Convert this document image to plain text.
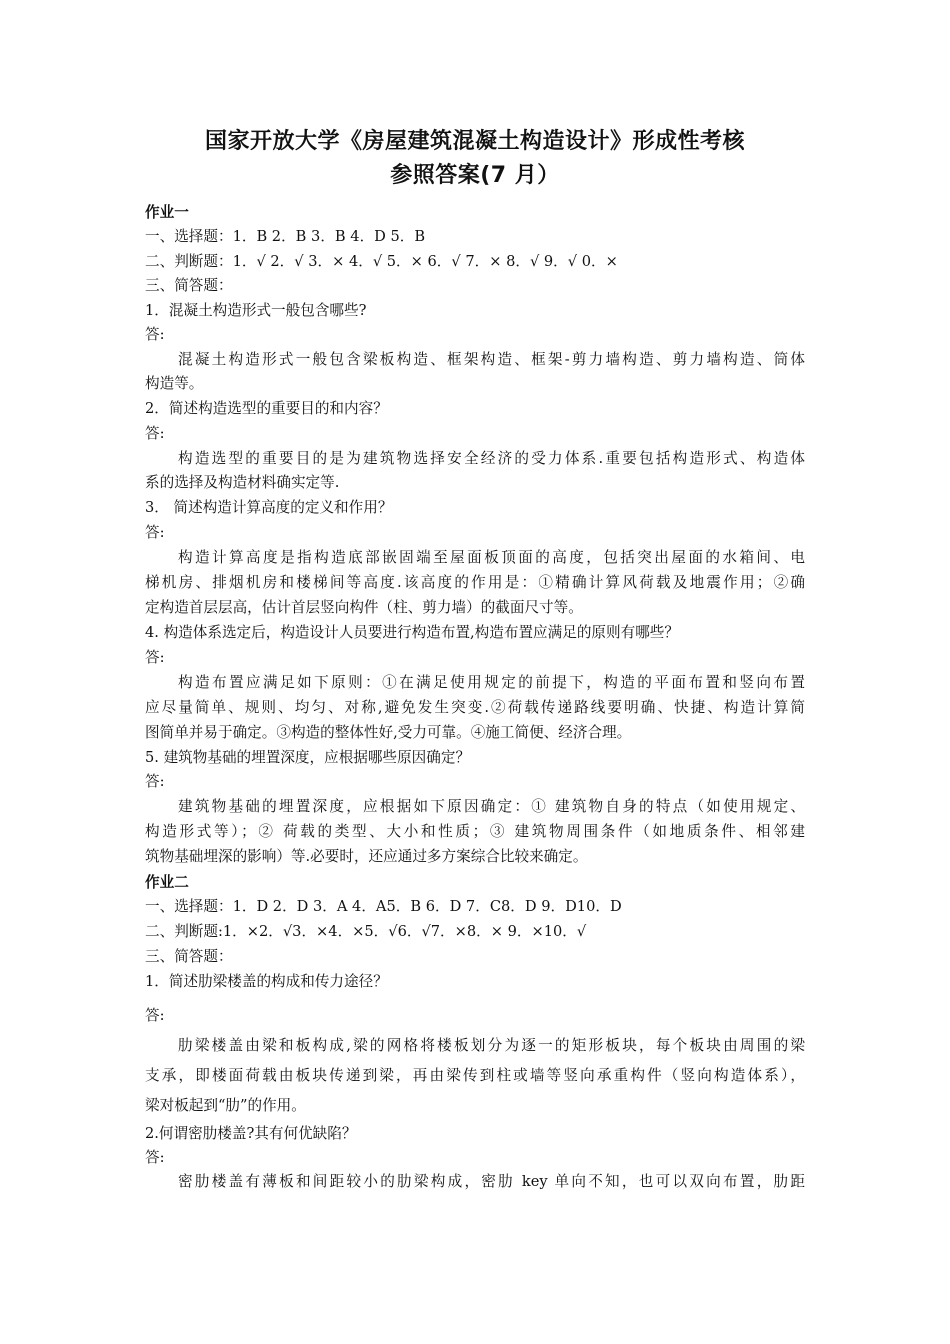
国家开放大学《房屋建筑混凝土构造设计》形成性考核
参照答案(7 月）
作业一
一、选择题：1．B 2．B 3．B 4．D 5．B
二、判断题：1．√ 2．√ 3．× 4．√ 5．× 6．√ 7．× 8．√ 9．√ 0．×
三、简答题：
1．混凝土构造形式一般包含哪些?
答:
混凝土构造形式一般包含梁板构造、框架构造、框架-剪力墙构造、剪力墙构造、筒体
构造等。
2．简述构造选型的重要目的和内容？
答:
构造选型的重要目的是为建筑物选择安全经济的受力体系.重要包括构造形式、构造体
系的选择及构造材料确实定等.
3． 简述构造计算高度的定义和作用？
答:
构造计算高度是指构造底部嵌固端至屋面板顶面的高度，包括突出屋面的水箱间、电
梯机房、排烟机房和楼梯间等高度.该高度的作用是：①精确计算风荷载及地震作用；②确
定构造首层层高，估计首层竖向构件（柱、剪力墙）的截面尺寸等。
4. 构造体系选定后，构造设计人员要进行构造布置,构造布置应满足的原则有哪些？
答:
构造布置应满足如下原则：①在满足使用规定的前提下，构造的平面布置和竖向布置
应尽量简单、规则、均匀、对称,避免发生突变.②荷载传递路线要明确、快捷、构造计算简
图简单并易于确定。③构造的整体性好,受力可靠。④施工简便、经济合理。
5. 建筑物基础的埋置深度，应根据哪些原因确定？
答:
建筑物基础的埋置深度，应根据如下原因确定：① 建筑物自身的特点（如使用规定、
构造形式等）；② 荷载的类型、大小和性质；③ 建筑物周围条件（如地质条件、相邻建
筑物基础埋深的影响）等.必要时，还应通过多方案综合比较来确定。
作业二
一、选择题：1．D 2．D 3．A 4．A5．B 6．D 7．C8．D 9．D10．D
二、判断题:1．×2．√3．×4．×5．√6．√7．×8．× 9．×10．√
三、简答题：
1．简述肋梁楼盖的构成和传力途径？
答:
肋梁楼盖由梁和板构成,梁的网格将楼板划分为逐一的矩形板块，每个板块由周围的梁
支承，即楼面荷载由板块传递到梁，再由梁传到柱或墙等竖向承重构件（竖向构造体系），
梁对板起到“肋”的作用。
2.何谓密肋楼盖?其有何优缺陷？
答:
密肋楼盖有薄板和间距较小的肋梁构成，密肋 key 单向不知，也可以双向布置，肋距
